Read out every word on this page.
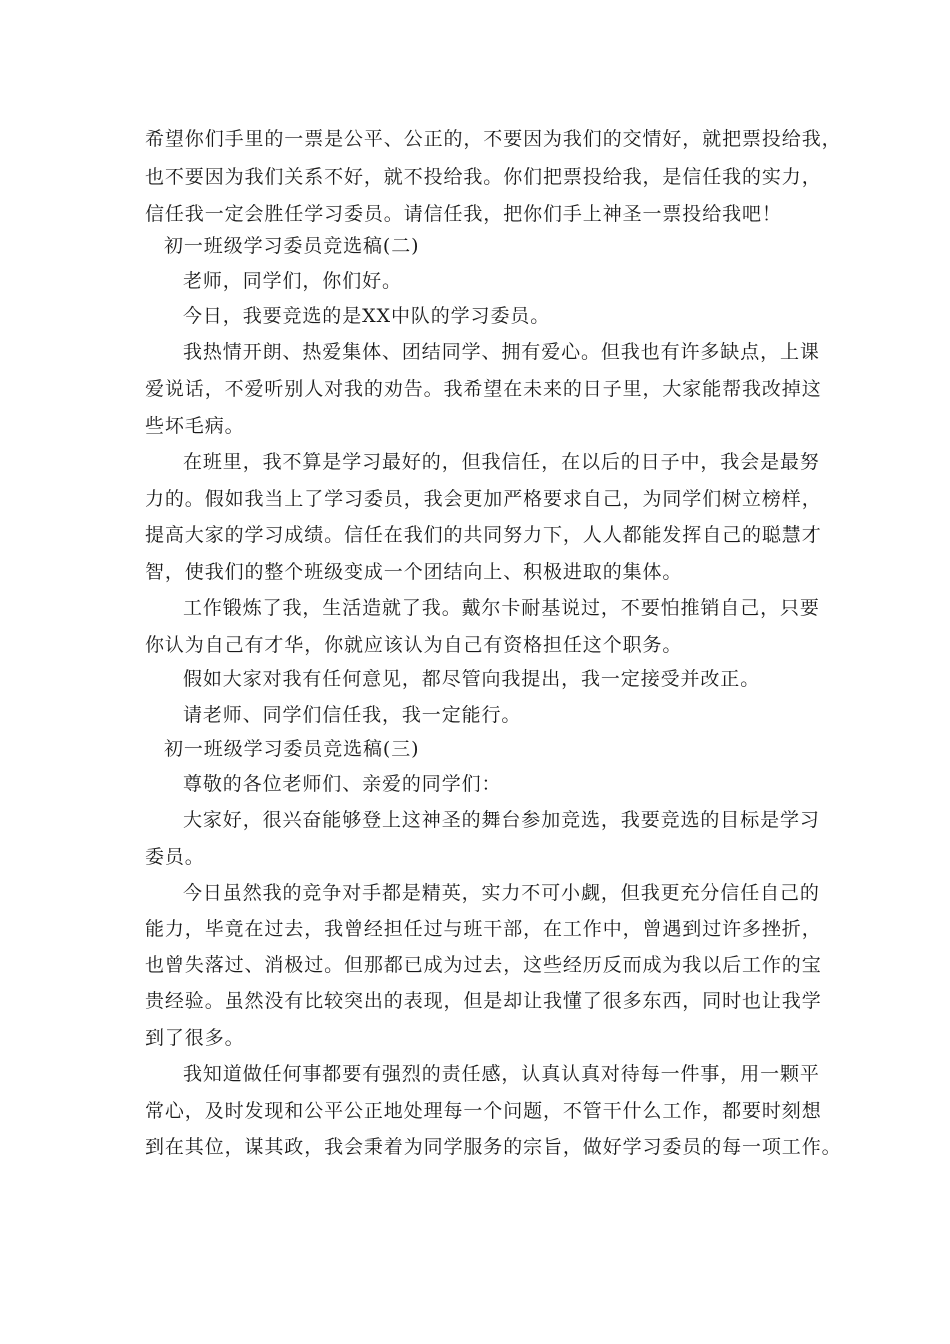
希望你们手里的一票是公平、公正的，不要因为我们的交情好，就把票投给我，
也不要因为我们关系不好，就不投给我。你们把票投给我，是信任我的实力，
信任我一定会胜任学习委员。请信任我，把你们手上神圣一票投给我吧！
初一班级学习委员竞选稿(二)
老师，同学们，你们好。
今日，我要竞选的是XX中队的学习委员。
我热情开朗、热爱集体、团结同学、拥有爱心。但我也有许多缺点，上课
爱说话，不爱听别人对我的劝告。我希望在未来的日子里，大家能帮我改掉这
些坏毛病。
在班里，我不算是学习最好的，但我信任，在以后的日子中，我会是最努
力的。假如我当上了学习委员，我会更加严格要求自己，为同学们树立榜样，
提高大家的学习成绩。信任在我们的共同努力下，人人都能发挥自己的聪慧才
智，使我们的整个班级变成一个团结向上、积极进取的集体。
工作锻炼了我，生活造就了我。戴尔卡耐基说过，不要怕推销自己，只要
你认为自己有才华，你就应该认为自己有资格担任这个职务。
假如大家对我有任何意见，都尽管向我提出，我一定接受并改正。
请老师、同学们信任我，我一定能行。
初一班级学习委员竞选稿(三)
尊敬的各位老师们、亲爱的同学们：
大家好，很兴奋能够登上这神圣的舞台参加竞选，我要竞选的目标是学习
委员。
今日虽然我的竞争对手都是精英，实力不可小觑，但我更充分信任自己的
能力，毕竟在过去，我曾经担任过与班干部，在工作中，曾遇到过许多挫折，
也曾失落过、消极过。但那都已成为过去，这些经历反而成为我以后工作的宝
贵经验。虽然没有比较突出的表现，但是却让我懂了很多东西，同时也让我学
到了很多。
我知道做任何事都要有强烈的责任感，认真认真对待每一件事，用一颗平
常心，及时发现和公平公正地处理每一个问题，不管干什么工作，都要时刻想
到在其位，谋其政，我会秉着为同学服务的宗旨，做好学习委员的每一项工作。
